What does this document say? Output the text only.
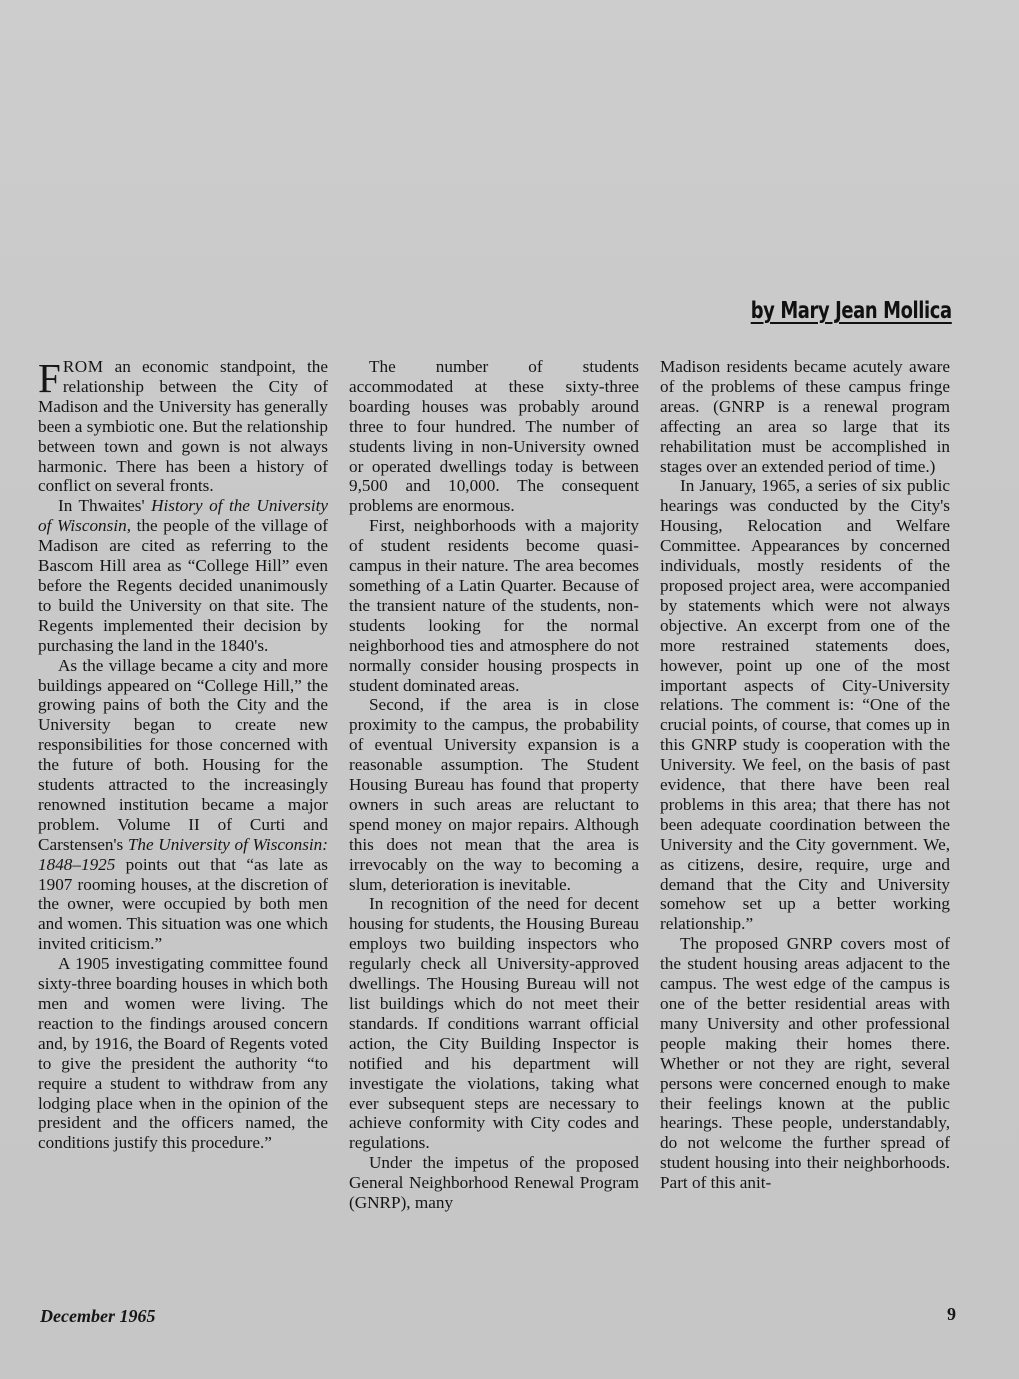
by Mary Jean Mollica

FROM an economic standpoint, the relationship between the City of Madison and the University has generally been a symbiotic one. But the relationship between town and gown is not always harmonic. There has been a history of conflict on several fronts.

In Thwaites' History of the University of Wisconsin, the people of the village of Madison are cited as referring to the Bascom Hill area as “College Hill” even before the Regents decided unanimously to build the University on that site. The Regents implemented their decision by purchasing the land in the 1840's.

As the village became a city and more buildings appeared on “College Hill,” the growing pains of both the City and the University began to create new responsibilities for those concerned with the future of both. Housing for the students attracted to the increasingly renowned institution became a major problem. Volume II of Curti and Carstensen's The University of Wisconsin: 1848–1925 points out that “as late as 1907 rooming houses, at the discretion of the owner, were occupied by both men and women. This situation was one which invited criticism.”

A 1905 investigating committee found sixty-three boarding houses in which both men and women were living. The reaction to the findings aroused concern and, by 1916, the Board of Regents voted to give the president the authority “to require a student to withdraw from any lodging place when in the opinion of the president and the officers named, the conditions justify this procedure.”

The number of students accommodated at these sixty-three boarding houses was probably around three to four hundred. The number of students living in non-University owned or operated dwellings today is between 9,500 and 10,000. The consequent problems are enormous.

First, neighborhoods with a majority of student residents become quasi-campus in their nature. The area becomes something of a Latin Quarter. Because of the transient nature of the students, non-students looking for the normal neighborhood ties and atmosphere do not normally consider housing prospects in student dominated areas.

Second, if the area is in close proximity to the campus, the probability of eventual University expansion is a reasonable assumption. The Student Housing Bureau has found that property owners in such areas are reluctant to spend money on major repairs. Although this does not mean that the area is irrevocably on the way to becoming a slum, deterioration is inevitable.

In recognition of the need for decent housing for students, the Housing Bureau employs two building inspectors who regularly check all University-approved dwellings. The Housing Bureau will not list buildings which do not meet their standards. If conditions warrant official action, the City Building Inspector is notified and his department will investigate the violations, taking what ever subsequent steps are necessary to achieve conformity with City codes and regulations.

Under the impetus of the proposed General Neighborhood Renewal Program (GNRP), many

Madison residents became acutely aware of the problems of these campus fringe areas. (GNRP is a renewal program affecting an area so large that its rehabilitation must be accomplished in stages over an extended period of time.)

In January, 1965, a series of six public hearings was conducted by the City's Housing, Relocation and Welfare Committee. Appearances by concerned individuals, mostly residents of the proposed project area, were accompanied by statements which were not always objective. An excerpt from one of the more restrained statements does, however, point up one of the most important aspects of City-University relations. The comment is: “One of the crucial points, of course, that comes up in this GNRP study is cooperation with the University. We feel, on the basis of past evidence, that there have been real problems in this area; that there has not been adequate coordination between the University and the City government. We, as citizens, desire, require, urge and demand that the City and University somehow set up a better working relationship.”

The proposed GNRP covers most of the student housing areas adjacent to the campus. The west edge of the campus is one of the better residential areas with many University and other professional people making their homes there. Whether or not they are right, several persons were concerned enough to make their feelings known at the public hearings. These people, understandably, do not welcome the further spread of student housing into their neighborhoods. Part of this anit-

December 1965	9
